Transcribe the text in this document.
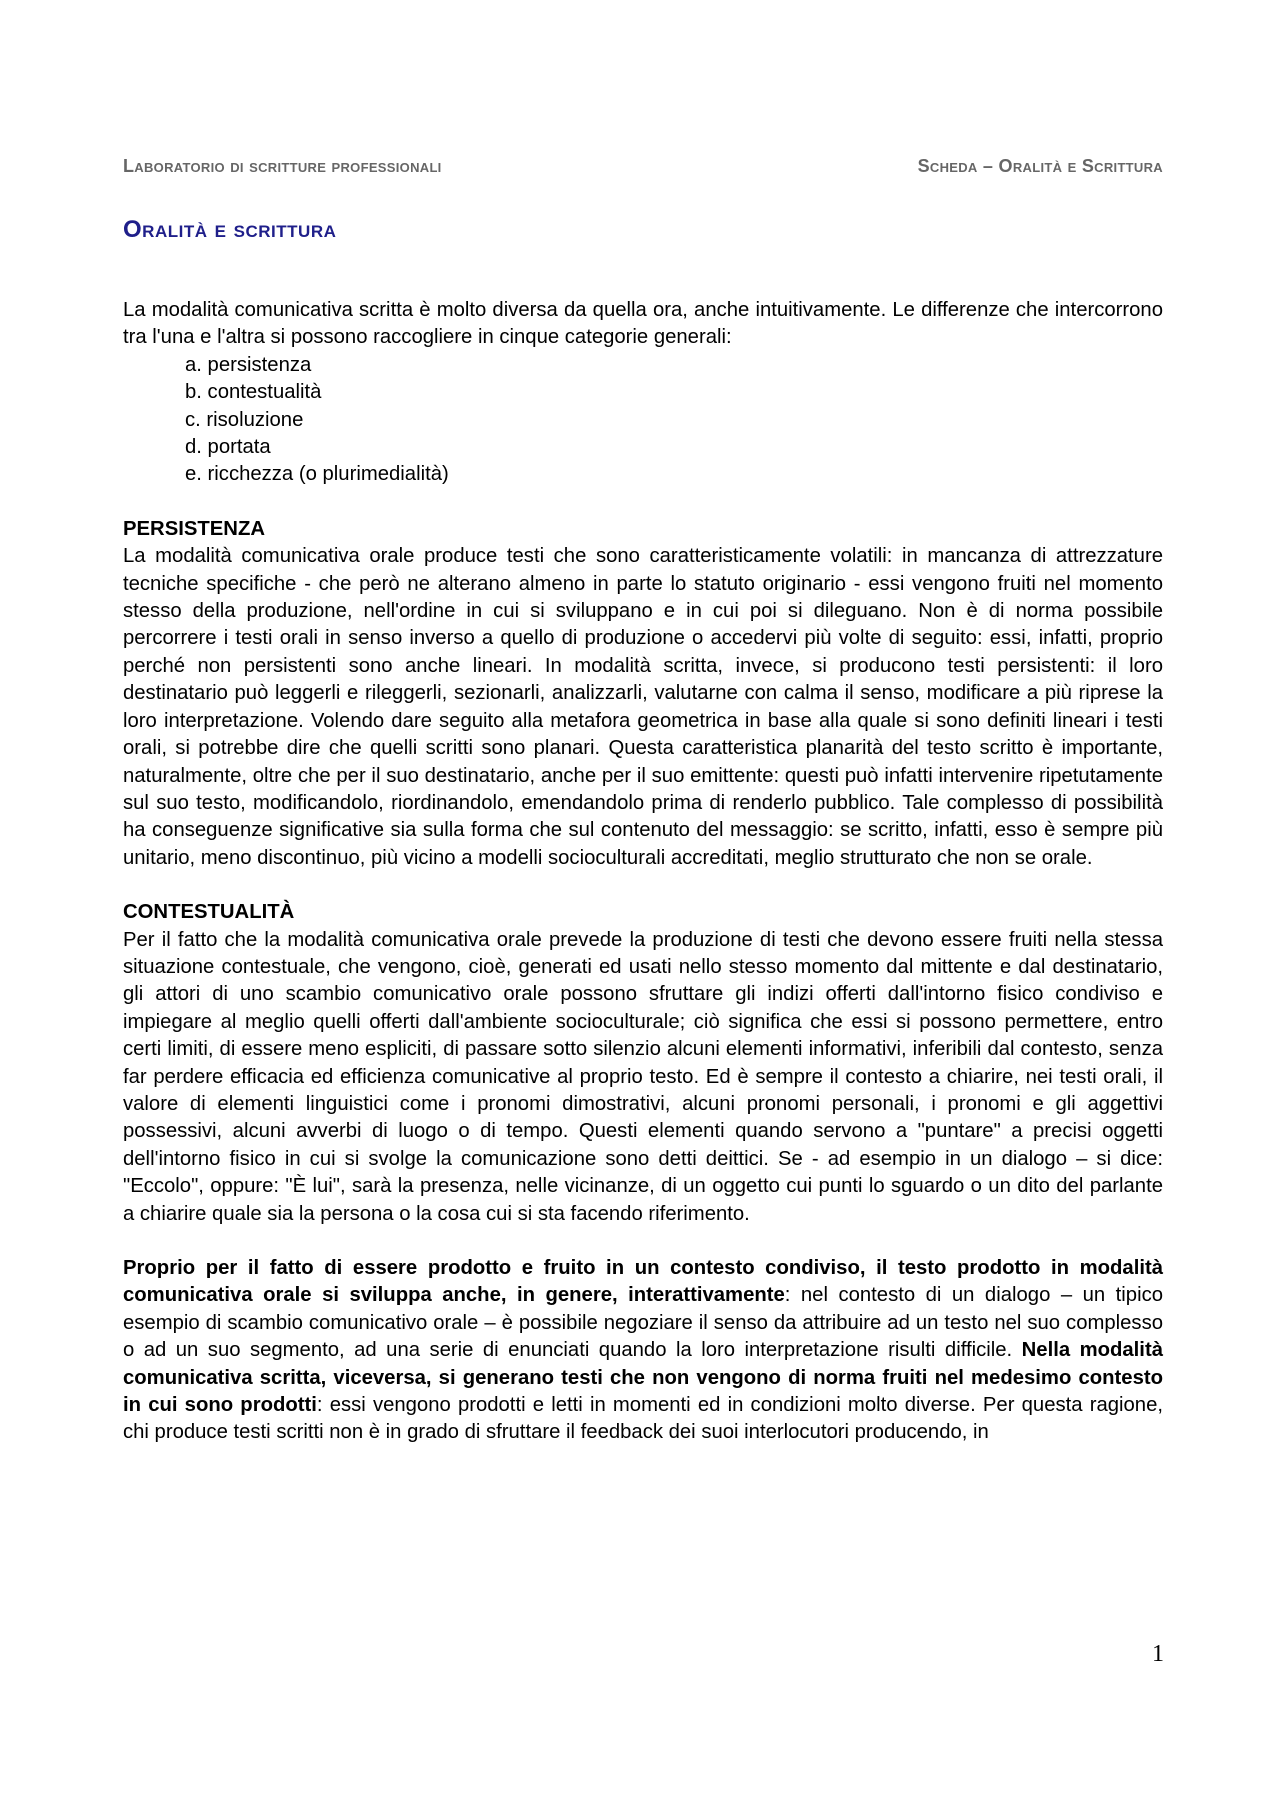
Laboratorio di scritture professionali	Scheda – Oralità e Scrittura
Oralità e scrittura

La modalità comunicativa scritta è molto diversa da quella ora, anche intuitivamente. Le differenze che intercorrono tra l'una e l'altra si possono raccogliere in cinque categorie generali:

a. persistenza
b. contestualità
c. risoluzione
d. portata
e. ricchezza (o plurimedialità)
PERSISTENZA

La modalità comunicativa orale produce testi che sono caratteristicamente volatili: in mancanza di attrezzature tecniche specifiche - che però ne alterano almeno in parte lo statuto originario - essi vengono fruiti nel momento stesso della produzione, nell'ordine in cui si sviluppano e in cui poi si dileguano. Non è di norma possibile percorrere i testi orali in senso inverso a quello di produzione o accedervi più volte di seguito: essi, infatti, proprio perché non persistenti sono anche lineari. In modalità scritta, invece, si producono testi persistenti: il loro destinatario può leggerli e rileggerli, sezionarli, analizzarli, valutarne con calma il senso, modificare a più riprese la loro interpretazione. Volendo dare seguito alla metafora geometrica in base alla quale si sono definiti lineari i testi orali, si potrebbe dire che quelli scritti sono planari. Questa caratteristica planarità del testo scritto è importante, naturalmente, oltre che per il suo destinatario, anche per il suo emittente: questi può infatti intervenire ripetutamente sul suo testo, modificandolo, riordinandolo, emendandolo prima di renderlo pubblico. Tale complesso di possibilità ha conseguenze significative sia sulla forma che sul contenuto del messaggio: se scritto, infatti, esso è sempre più unitario, meno discontinuo, più vicino a modelli socioculturali accreditati, meglio strutturato che non se orale.

CONTESTUALITÀ

Per il fatto che la modalità comunicativa orale prevede la produzione di testi che devono essere fruiti nella stessa situazione contestuale, che vengono, cioè, generati ed usati nello stesso momento dal mittente e dal destinatario, gli attori di uno scambio comunicativo orale possono sfruttare gli indizi offerti dall'intorno fisico condiviso e impiegare al meglio quelli offerti dall'ambiente socioculturale; ciò significa che essi si possono permettere, entro certi limiti, di essere meno espliciti, di passare sotto silenzio alcuni elementi informativi, inferibili dal contesto, senza far perdere efficacia ed efficienza comunicative al proprio testo. Ed è sempre il contesto a chiarire, nei testi orali, il valore di elementi linguistici come i pronomi dimostrativi, alcuni pronomi personali, i pronomi e gli aggettivi possessivi, alcuni avverbi di luogo o di tempo. Questi elementi quando servono a "puntare" a precisi oggetti dell'intorno fisico in cui si svolge la comunicazione sono detti deittici. Se - ad esempio in un dialogo – si dice: "Eccolo", oppure: "È lui", sarà la presenza, nelle vicinanze, di un oggetto cui punti lo sguardo o un dito del parlante a chiarire quale sia la persona o la cosa cui si sta facendo riferimento.

Proprio per il fatto di essere prodotto e fruito in un contesto condiviso, il testo prodotto in modalità comunicativa orale si sviluppa anche, in genere, interattivamente: nel contesto di un dialogo – un tipico esempio di scambio comunicativo orale – è possibile negoziare il senso da attribuire ad un testo nel suo complesso o ad un suo segmento, ad una serie di enunciati quando la loro interpretazione risulti difficile. Nella modalità comunicativa scritta, viceversa, si generano testi che non vengono di norma fruiti nel medesimo contesto in cui sono prodotti: essi vengono prodotti e letti in momenti ed in condizioni molto diverse. Per questa ragione, chi produce testi scritti non è in grado di sfruttare il feedback dei suoi interlocutori producendo, in

1
